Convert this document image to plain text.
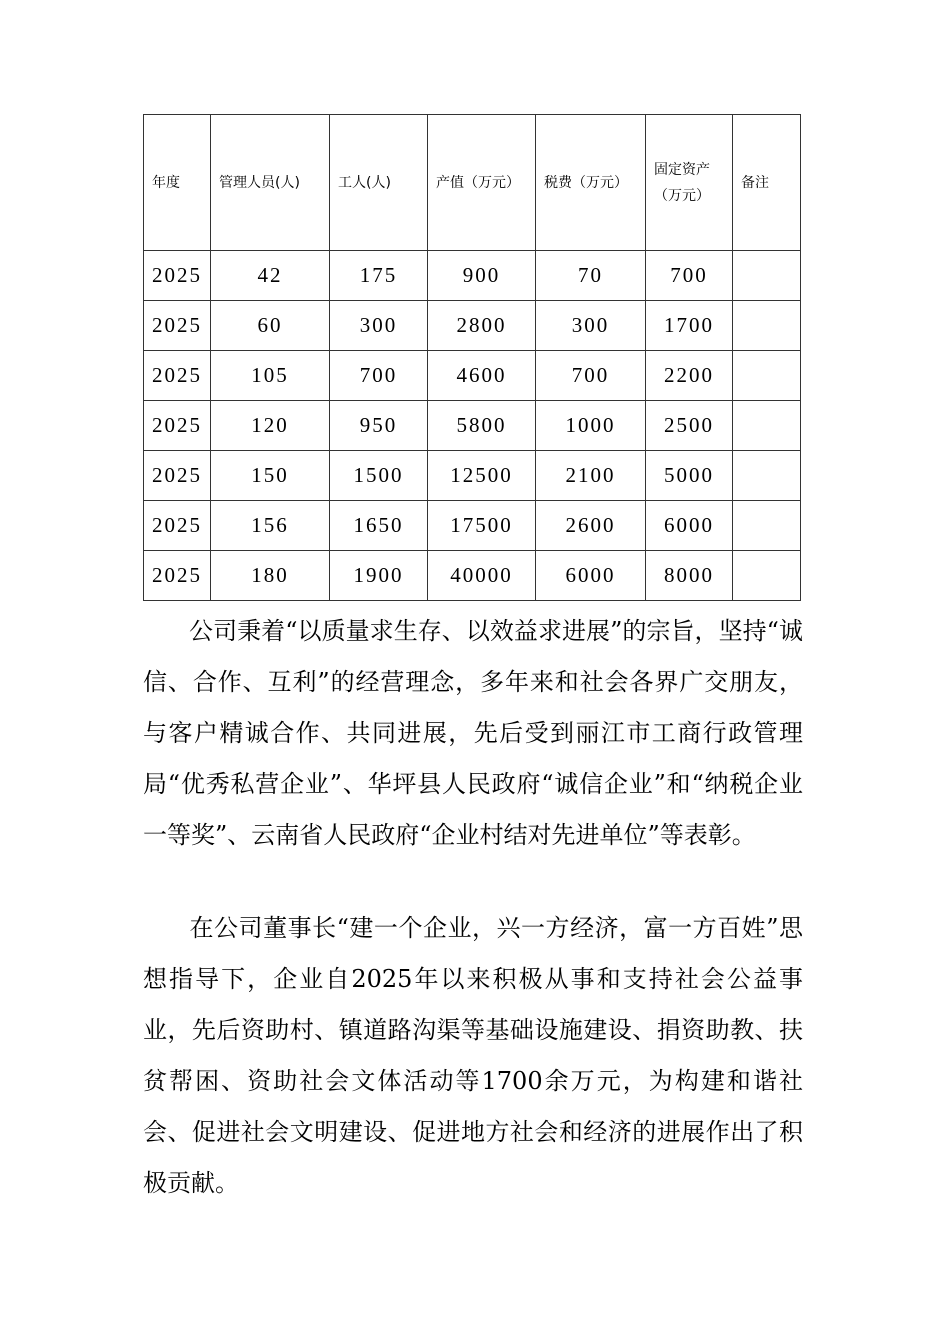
年度	管理人员(人)	工人(人)	产值（万元）	税费（万元）	固定资产（万元）	备注
2025	42	175	900	70	700	
2025	60	300	2800	300	1700	
2025	105	700	4600	700	2200	
2025	120	950	5800	1000	2500	
2025	150	1500	12500	2100	5000	
2025	156	1650	17500	2600	6000	
2025	180	1900	40000	6000	8000	

公司秉着“以质量求生存、以效益求进展”的宗旨，坚持“诚信、合作、互利”的经营理念，多年来和社会各界广交朋友，与客户精诚合作、共同进展，先后受到丽江市工商行政管理局“优秀私营企业”、华坪县人民政府“诚信企业”和“纳税企业一等奖”、云南省人民政府“企业村结对先进单位”等表彰。

在公司董事长“建一个企业，兴一方经济，富一方百姓”思想指导下，企业自2025年以来积极从事和支持社会公益事业，先后资助村、镇道路沟渠等基础设施建设、捐资助教、扶贫帮困、资助社会文体活动等1700余万元，为构建和谐社会、促进社会文明建设、促进地方社会和经济的进展作出了积极贡献。
